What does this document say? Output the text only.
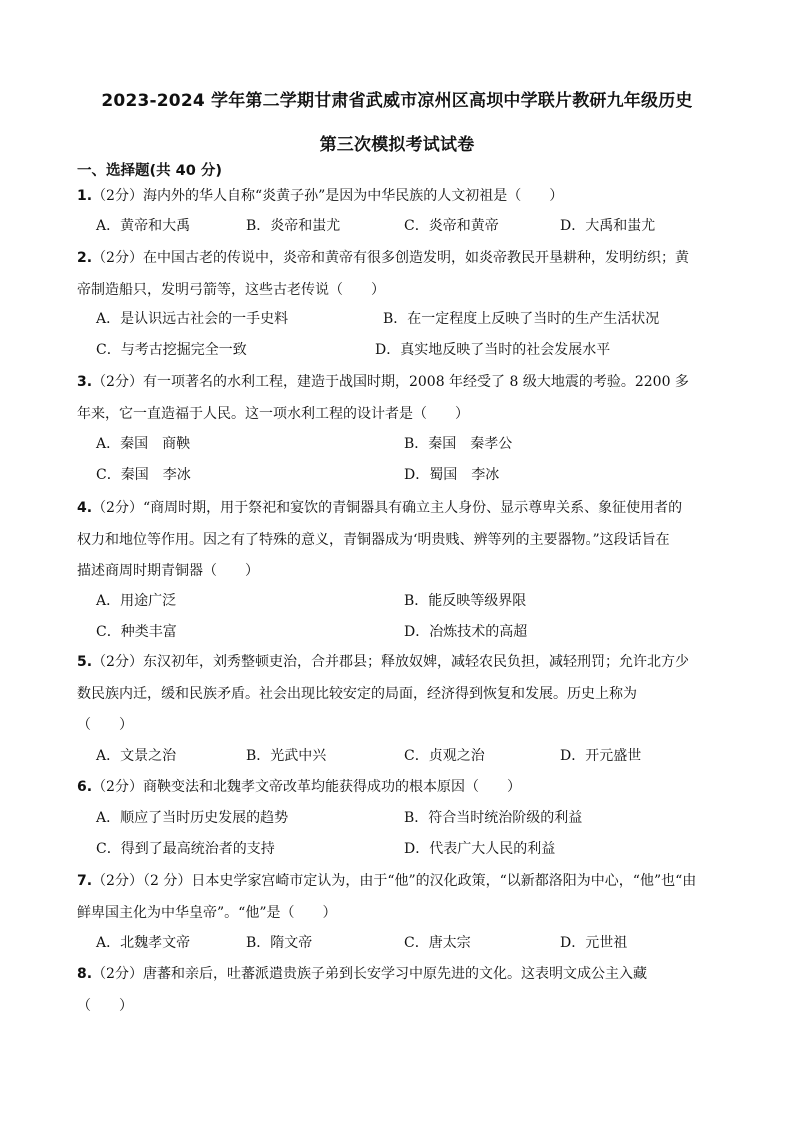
2023-2024 学年第二学期甘肃省武威市凉州区高坝中学联片教研九年级历史
第三次模拟考试试卷
一、选择题(共 40 分)
1.（2分）海内外的华人自称“炎黄子孙”是因为中华民族的人文初祖是（　　）
A．黄帝和大禹	B．炎帝和蚩尤	C．炎帝和黄帝	D．大禹和蚩尤
2.（2分）在中国古老的传说中，炎帝和黄帝有很多创造发明，如炎帝教民开垦耕种，发明纺织；黄
帝制造船只，发明弓箭等，这些古老传说（　　）
A．是认识远古社会的一手史料	B．在一定程度上反映了当时的生产生活状况
C．与考古挖掘完全一致	D．真实地反映了当时的社会发展水平
3.（2分）有一项著名的水利工程，建造于战国时期，2008 年经受了 8 级大地震的考验。2200 多
年来，它一直造福于人民。这一项水利工程的设计者是（　　）
A．秦国　商鞅	B．秦国　秦孝公
C．秦国　李冰	D．蜀国　李冰
4.（2分）“商周时期，用于祭祀和宴饮的青铜器具有确立主人身份、显示尊卑关系、象征使用者的
权力和地位等作用。因之有了特殊的意义，青铜器成为‘明贵贱、辨等列的主要器物。”这段话旨在
描述商周时期青铜器（　　）
A．用途广泛	B．能反映等级界限
C．种类丰富	D．冶炼技术的高超
5.（2分）东汉初年，刘秀整顿吏治，合并郡县；释放奴婢，减轻农民负担，减轻刑罚；允许北方少
数民族内迁，缓和民族矛盾。社会出现比较安定的局面，经济得到恢复和发展。历史上称为
（　　）
A．文景之治	B．光武中兴	C．贞观之治	D．开元盛世
6.（2分）商鞅变法和北魏孝文帝改革均能获得成功的根本原因（　　）
A．顺应了当时历史发展的趋势	B．符合当时统治阶级的利益
C．得到了最高统治者的支持	D．代表广大人民的利益
7.（2分）（2 分）日本史学家宫崎市定认为，由于“他”的汉化政策，“以新都洛阳为中心，“他”也“由
鲜卑国主化为中华皇帝”。“他”是（　　）
A．北魏孝文帝	B．隋文帝	C．唐太宗	D．元世祖
8.（2分）唐蕃和亲后，吐蕃派遣贵族子弟到长安学习中原先进的文化。这表明文成公主入藏
（　　）
